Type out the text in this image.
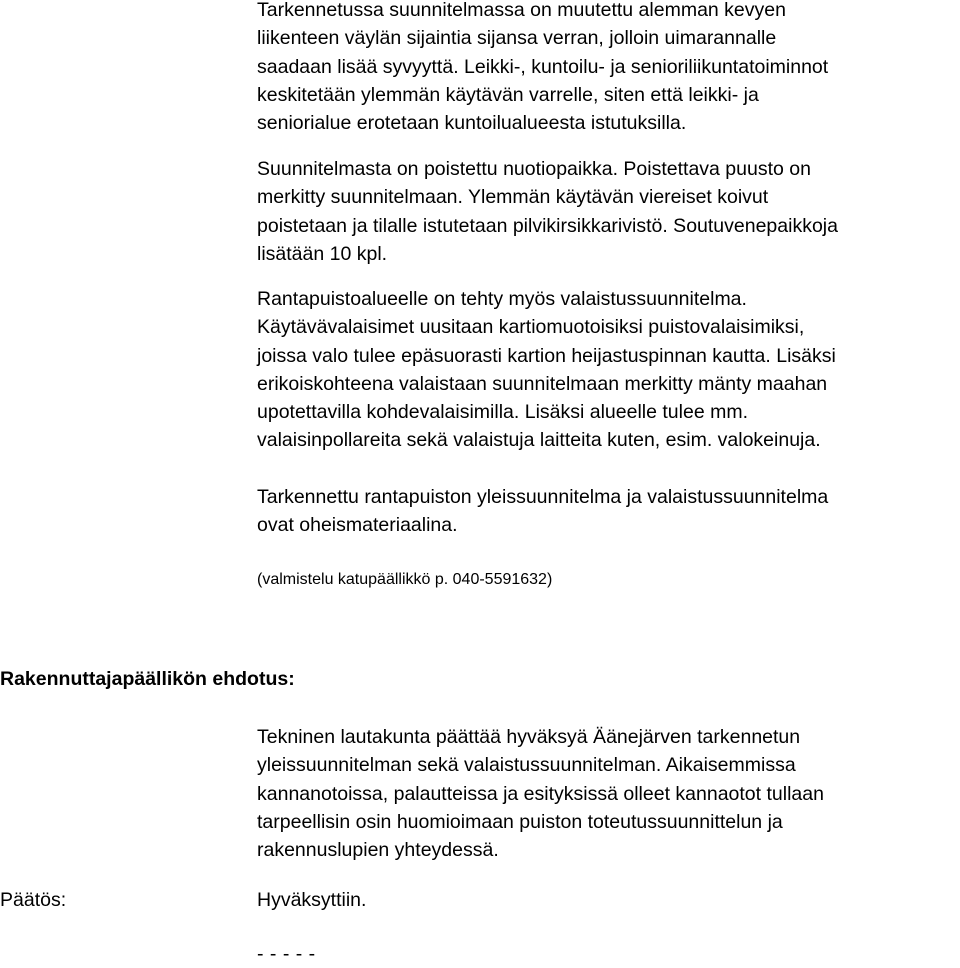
Tarkennetussa suunnitelmassa on muutettu alemman kevyen
liikenteen väylän sijaintia sijansa verran, jolloin uimarannalle
saadaan lisää syvyyttä. Leikki-, kuntoilu- ja senioriliikuntatoiminnot
keskitetään ylemmän käytävän varrelle, siten että leikki- ja
seniorialue erotetaan kuntoilualueesta istutuksilla.
Suunnitelmasta on poistettu nuotiopaikka. Poistettava puusto on
merkitty suunnitelmaan. Ylemmän käytävän viereiset koivut
poistetaan ja tilalle istutetaan pilvikirsikkarivistö. Soutuvenepaikkoja
lisätään 10 kpl.
Rantapuistoalueelle on tehty myös valaistussuunnitelma.
Käytävävalaisimet uusitaan kartiomuotoisiksi puistovalaisimiksi,
joissa valo tulee epäsuorasti kartion heijastuspinnan kautta. Lisäksi
erikoiskohteena valaistaan suunnitelmaan merkitty mänty maahan
upotettavilla kohdevalaisimilla. Lisäksi alueelle tulee mm.
valaisinpollareita sekä valaistuja laitteita kuten, esim. valokeinuja.
Tarkennettu rantapuiston yleissuunnitelma ja valaistussuunnitelma
ovat oheismateriaalina.
(valmistelu katupäällikkö p. 040-5591632)
Rakennuttajapäällikön ehdotus:
Tekninen lautakunta päättää hyväksyä Äänejärven tarkennetun
yleissuunnitelman sekä valaistussuunnitelman. Aikaisemmissa
kannanotoissa, palautteissa ja esityksissä olleet kannaotot tullaan
tarpeellisin osin huomioimaan puiston toteutussuunnittelun ja
rakennuslupien yhteydessä.
Päätös:	Hyväksyttiin.
- - - - -
